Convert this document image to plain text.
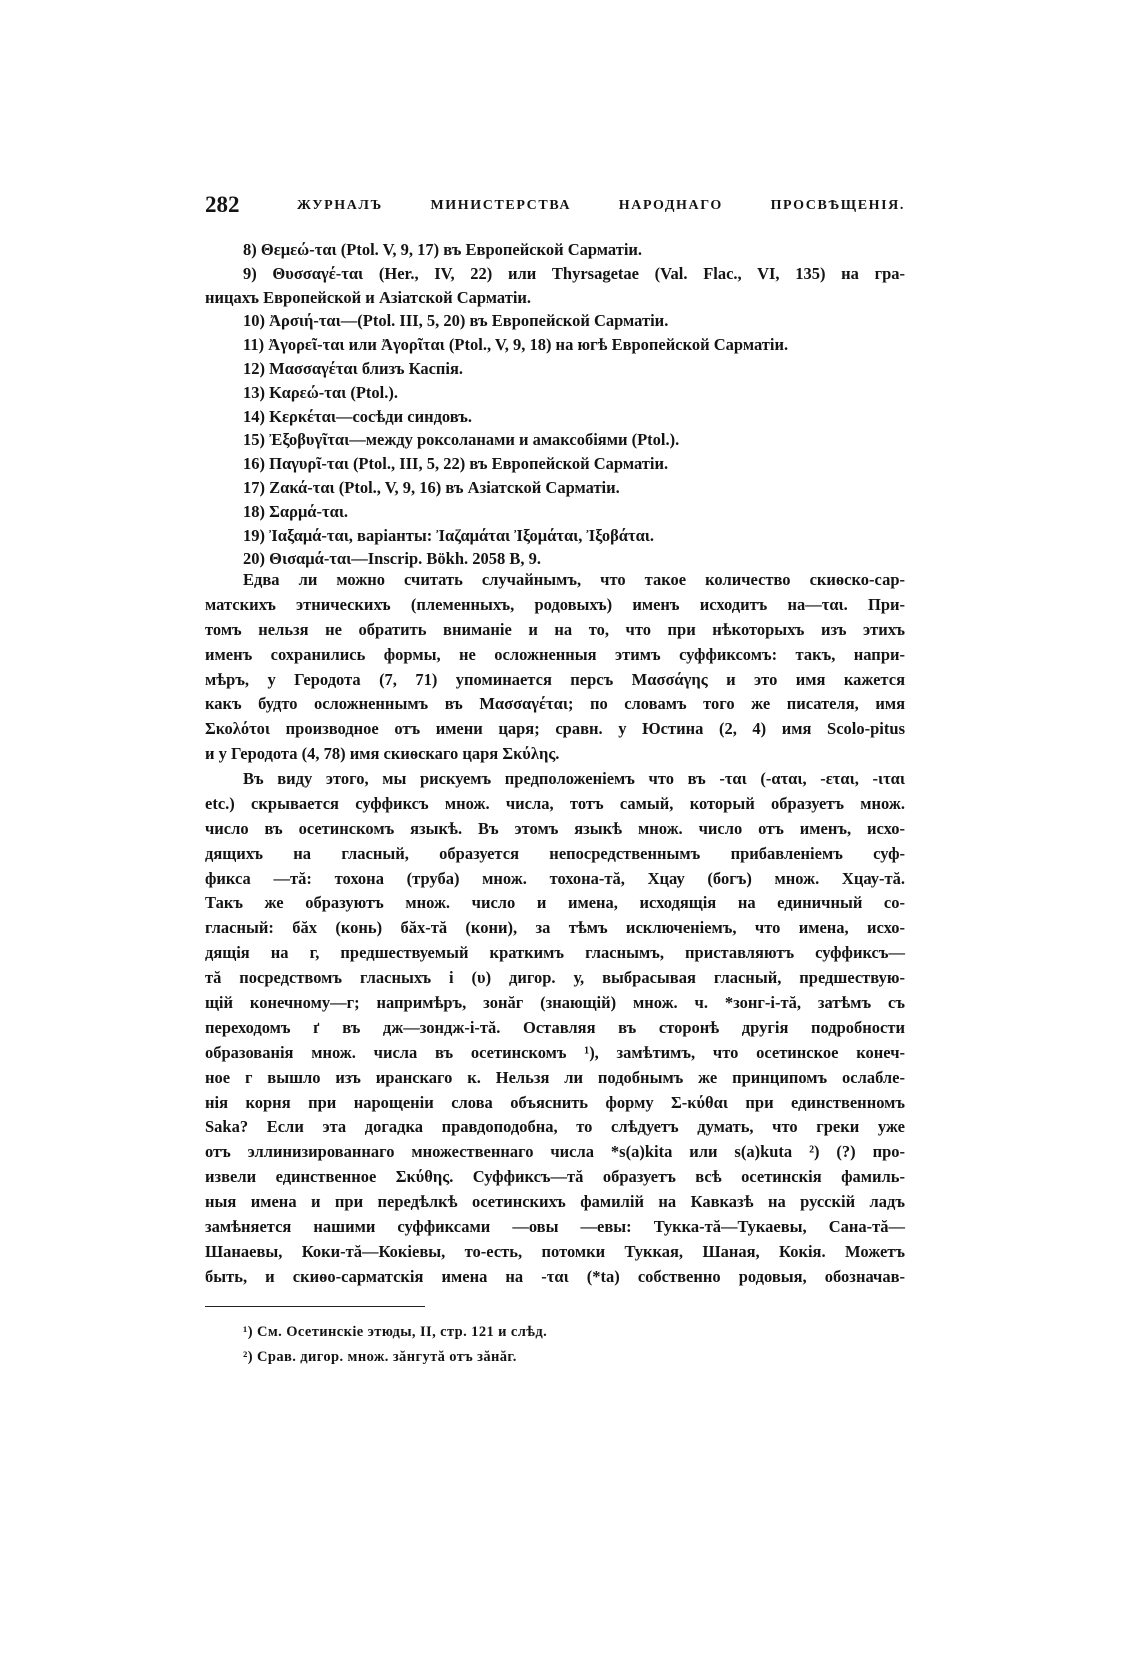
282	ЖУРНАЛЪ МИНИСТЕРСТВА НАРОДНАГО ПРОСВѢЩЕНІЯ.
8) Θεμεώ-ται (Ptol. V, 9, 17) въ Европейской Сарматіи.
9) Θυσσαγέ-ται (Her., IV, 22) или Thyrsagetae (Val. Flac., VI, 135) на гра-
ницахъ Европейской и Азіатской Сарматіи.
10) Ἀρσιή-ται—(Ptol. III, 5, 20) въ Европейской Сарматіи.
11) Ἀγορεῖ-ται или Ἀγορῖται (Ptol., V, 9, 18) на югѣ Европейской Сарматіи.
12) Μασσαγέται близъ Каспія.
13) Καρεώ-ται (Ptol.).
14) Κερκέται—сосѣди синдовъ.
15) Ἐξοβυγῖται—между роксоланами и амаксобіями (Ptol.).
16) Παγυρῖ-ται (Ptol., III, 5, 22) въ Европейской Сарматіи.
17) Ζακά-ται (Ptol., V, 9, 16) въ Азіатской Сарматіи.
18) Σαρμά-ται.
19) Ἰαξαμά-ται, варіанты: Ἰαζαμάται Ἰξομάται, Ἰξοβάται.
20) Θισαμά-ται—Inscrip. Bökh. 2058 B, 9.
Едва ли можно считать случайнымъ, что такое количество скиѳско-сар-
матскихъ этническихъ (племенныхъ, родовыхъ) именъ исходитъ на—ται. При-
томъ нельзя не обратить вниманіе и на то, что при нѣкоторыхъ изъ этихъ
именъ сохранились формы, не осложненныя этимъ суффиксомъ: такъ, напри-
мѣръ, у Геродота (7, 71) упоминается персъ Μασσάγης и это имя кажется
какъ будто осложненнымъ въ Μασσαγέται; по словамъ того же писателя, имя
Σκολότοι производное отъ имени царя; сравн. у Юстина (2, 4) имя Scolo-pitus
и у Геродота (4, 78) имя скиѳскаго царя Σκύλης.
Въ виду этого, мы рискуемъ предположеніемъ что въ -ται (-αται, -εται, -ιται
etc.) скрывается суффиксъ множ. числа, тотъ самый, который образуетъ множ.
число въ осетинскомъ языкѣ. Въ этомъ языкѣ множ. число отъ именъ, исхо-
дящихъ на гласный, образуется непосредственнымъ прибавленіемъ суф-
фикса —тă: тохона (труба) множ. тохона-тă, Хцау (богъ) множ. Хцау-тă.
Такъ же образуютъ множ. число и имена, исходящія на единичный со-
гласный: бăх (конь) бăх-тă (кони), за тѣмъ исключеніемъ, что имена, исхо-
дящія на г, предшествуемый краткимъ гласнымъ, приставляютъ суффиксъ—
тă посредствомъ гласныхъ і (υ) дигор. у, выбрасывая гласный, предшествую-
щій конечному—г; напримѣръ, зонăг (знающій) множ. ч. *зонг-і-тă, затѣмъ съ
переходомъ ґ въ дж—зондж-і-тă. Оставляя въ сторонѣ другія подробности
образованія множ. числа въ осетинскомъ ¹), замѣтимъ, что осетинское конеч-
ное г вышло изъ иранскаго к. Нельзя ли подобнымъ же принципомъ ослабле-
нія корня при нарощеніи слова объяснить форму Σ-κύθαι при единственномъ
Saka? Если эта догадка правдоподобна, то слѣдуетъ думать, что греки уже
отъ эллинизированнаго множественнаго числа *s(a)kita или s(a)kuta ²) (?) про-
извели единственное Σκύθης. Суффиксъ—тă образуетъ всѣ осетинскія фамиль-
ныя имена и при передѣлкѣ осетинскихъ фамилій на Кавказѣ на русскій ладъ
замѣняется нашими суффиксами —овы —евы: Тукка-тă—Тукаевы, Сана-тă—
Шанаевы, Коки-тă—Кокіевы, то-есть, потомки Туккая, Шаная, Кокія. Можетъ
быть, и скиѳо-сарматскія имена на -ται (*ta) собственно родовыя, обозначав-
¹) См. Осетинскіе этюды, II, стр. 121 и слѣд.
²) Срав. дигор. множ. зăнгутă отъ зăнăг.
